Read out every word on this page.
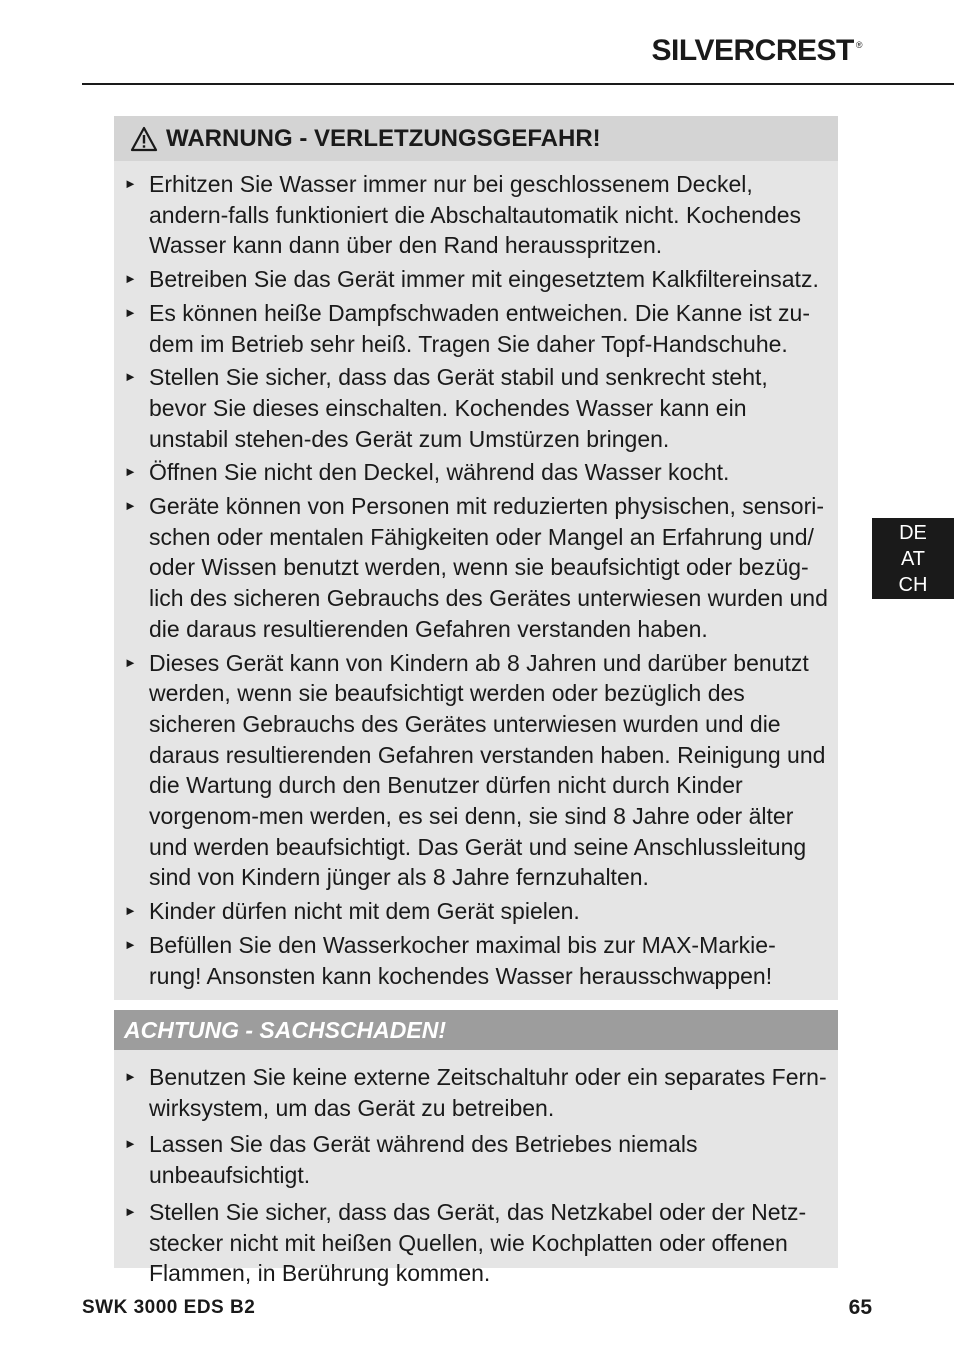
SILVERCREST ®
WARNUNG - VERLETZUNGSGEFAHR!
► Erhitzen Sie Wasser immer nur bei geschlossenem Deckel, andern-falls funktioniert die Abschaltautomatik nicht. Kochendes Wasser kann dann über den Rand herausspritzen.
► Betreiben Sie das Gerät immer mit eingesetztem Kalkfiltereinsatz.
► Es können heiße Dampfschwaden entweichen. Die Kanne ist zu-dem im Betrieb sehr heiß. Tragen Sie daher Topf-Handschuhe.
► Stellen Sie sicher, dass das Gerät stabil und senkrecht steht, bevor Sie dieses einschalten. Kochendes Wasser kann ein unstabil stehen-des Gerät zum Umstürzen bringen.
► Öffnen Sie nicht den Deckel, während das Wasser kocht.
► Geräte können von Personen mit reduzierten physischen, sensori-schen oder mentalen Fähigkeiten oder Mangel an Erfahrung und/ oder Wissen benutzt werden, wenn sie beaufsichtigt oder bezüg-lich des sicheren Gebrauchs des Gerätes unterwiesen wurden und die daraus resultierenden Gefahren verstanden haben.
► Dieses Gerät kann von Kindern ab 8 Jahren und darüber benutzt werden, wenn sie beaufsichtigt werden oder bezüglich des sicheren Gebrauchs des Gerätes unterwiesen wurden und die daraus resultierenden Gefahren verstanden haben. Reinigung und die Wartung durch den Benutzer dürfen nicht durch Kinder vorgenom-men werden, es sei denn, sie sind 8 Jahre oder älter und werden beaufsichtigt. Das Gerät und seine Anschlussleitung sind von Kindern jünger als 8 Jahre fernzuhalten.
► Kinder dürfen nicht mit dem Gerät spielen.
► Befüllen Sie den Wasserkocher maximal bis zur MAX-Markie-rung! Ansonsten kann kochendes Wasser herausschwappen!
ACHTUNG - SACHSCHADEN!
► Benutzen Sie keine externe Zeitschaltuhr oder ein separates Fern-wirksystem, um das Gerät zu betreiben.
► Lassen Sie das Gerät während des Betriebes niemals unbeaufsichtigt.
► Stellen Sie sicher, dass das Gerät, das Netzkabel oder der Netz-stecker nicht mit heißen Quellen, wie Kochplatten oder offenen Flammen, in Berührung kommen.
DE
AT
CH
SWK 3000 EDS B2	65
